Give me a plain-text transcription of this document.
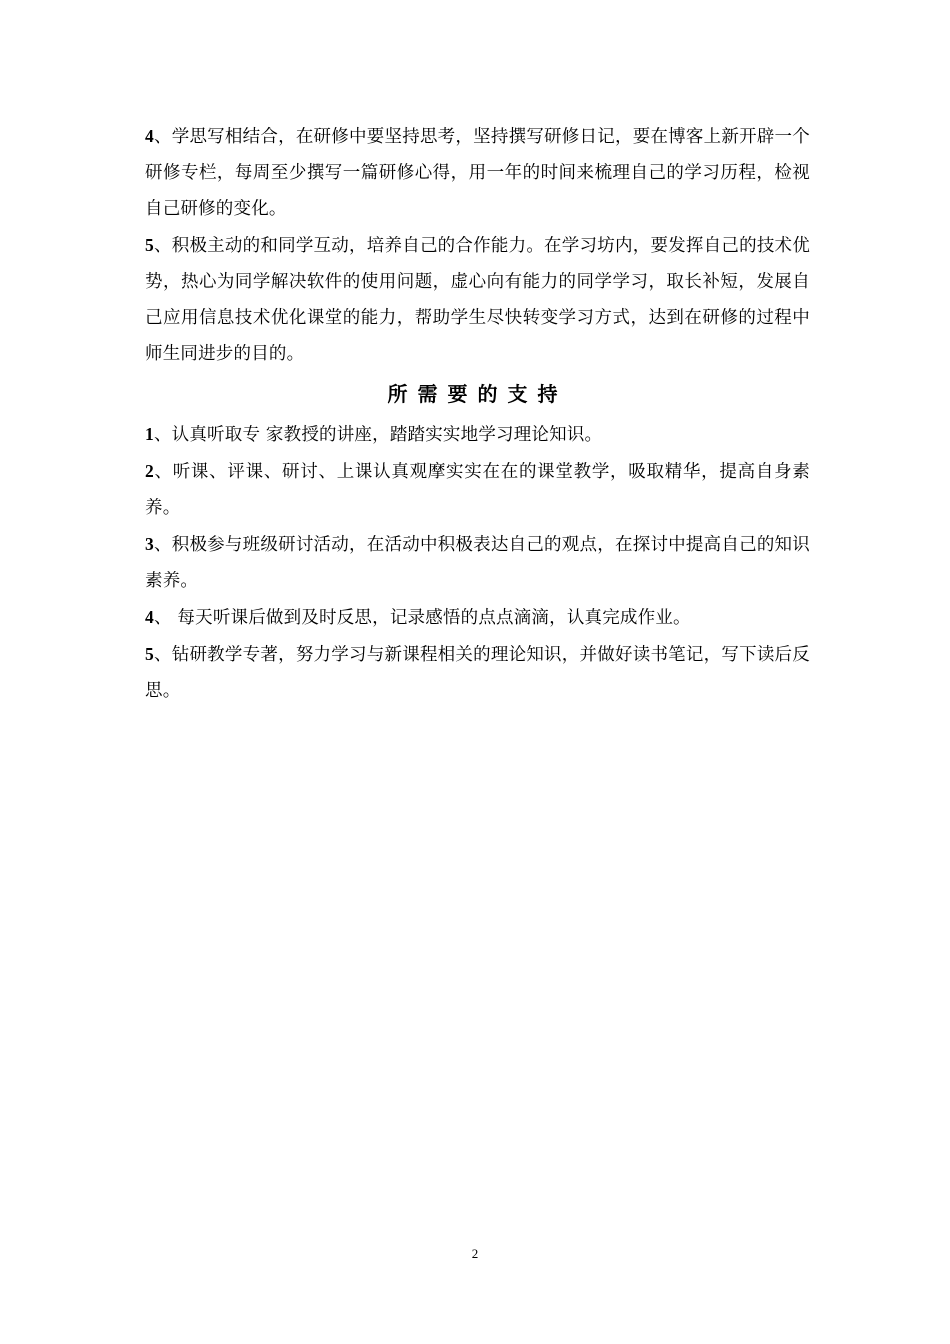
4、学思写相结合，在研修中要坚持思考，坚持撰写研修日记，要在博客上新开辟一个研修专栏，每周至少撰写一篇研修心得，用一年的时间来梳理自己的学习历程，检视自己研修的变化。

5、积极主动的和同学互动，培养自己的合作能力。在学习坊内，要发挥自己的技术优势，热心为同学解决软件的使用问题，虚心向有能力的同学学习，取长补短，发展自己应用信息技术优化课堂的能力，帮助学生尽快转变学习方式，达到在研修的过程中师生同进步的目的。

所需要的支持

1、认真听取专 家教授的讲座，踏踏实实地学习理论知识。

2、听课、评课、研讨、上课认真观摩实实在在的课堂教学，吸取精华，提高自身素养。

3、积极参与班级研讨活动，在活动中积极表达自己的观点，在探讨中提高自己的知识素养。

4、 每天听课后做到及时反思，记录感悟的点点滴滴，认真完成作业。

5、钻研教学专著，努力学习与新课程相关的理论知识，并做好读书笔记，写下读后反思。

2
